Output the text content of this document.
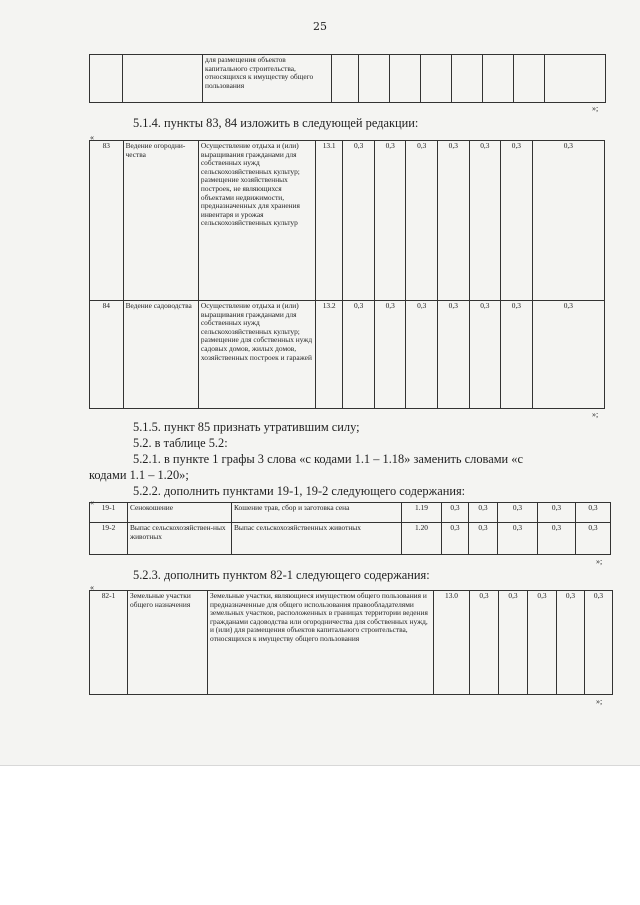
25
		для размещения объектов капитального строительства, относящихся к имуществу общего пользования								
»;
5.1.4. пункты 83, 84 изложить в следующей редакции:
«
83	Ведение огородни-чества	Осуществление отдыха и (или) выращивания гражданами для собственных нужд сельскохозяйственных культур; размещение хозяйственных построек, не являющихся объектами недвижимости, предназначенных для хранения инвентаря и урожая сельскохозяйственных культур	13.1	0,3	0,3	0,3	0,3	0,3	0,3	0,3
84	Ведение садоводства	Осуществление отдыха и (или) выращивания гражданами для собственных нужд сельскохозяйственных культур; размещение для собственных нужд садовых домов, жилых домов, хозяйственных построек и гаражей	13.2	0,3	0,3	0,3	0,3	0,3	0,3	0,3
»;
5.1.5. пункт 85 признать утратившим силу;
5.2. в таблице 5.2:
5.2.1. в пункте 1 графы 3 слова «с кодами 1.1 – 1.18» заменить словами «с
кодами 1.1 – 1.20»;
5.2.2. дополнить пунктами 19-1, 19-2 следующего содержания:
«
19-1	Сенокошение	Кошение трав, сбор и заготовка сена	1.19	0,3	0,3	0,3	0,3	0,3
19-2	Выпас сельскохозяйствен-ных животных	Выпас сельскохозяйственных животных	1.20	0,3	0,3	0,3	0,3	0,3
»;
5.2.3. дополнить пунктом 82-1 следующего содержания:
«
82-1	Земельные участки общего назначения	Земельные участки, являющиеся имуществом общего пользования и предназначенные для общего использования правообладателями земельных участков, расположенных в границах территории ведения гражданами садоводства или огородничества для собственных нужд, и (или) для размещения объектов капитального строительства, относящихся к имуществу общего пользования	13.0	0,3	0,3	0,3	0,3	0,3
»;
